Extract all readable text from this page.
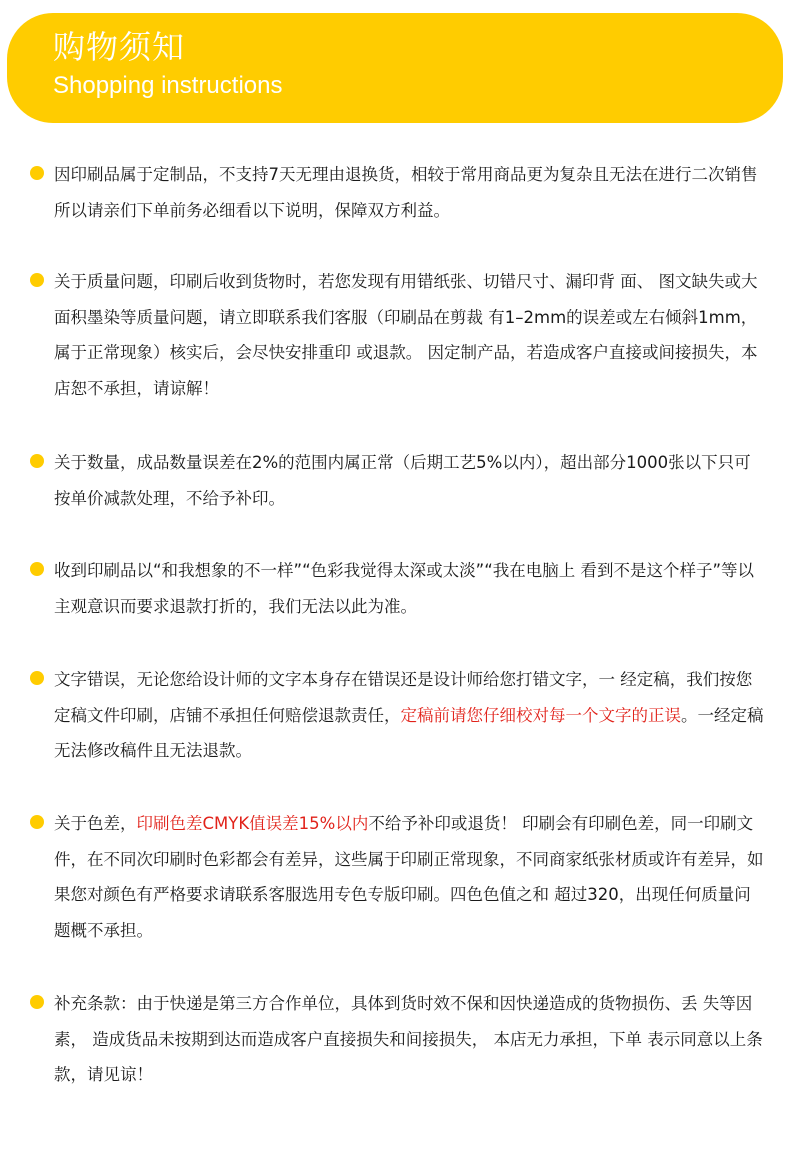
购物须知
Shopping instructions

因印刷品属于定制品，不支持7天无理由退换货，相较于常用商品更为复杂且无法在进行二次销售所以请亲们下单前务必细看以下说明，保障双方利益。

关于质量问题，印刷后收到货物时，若您发现有用错纸张、切错尺寸、漏印背 面、 图文缺失或大面积墨染等质量问题，请立即联系我们客服（印刷品在剪裁 有1–2mm的误差或左右倾斜1mm，属于正常现象）核实后，会尽快安排重印 或退款。 因定制产品，若造成客户直接或间接损失，本店恕不承担，请谅解！

关于数量，成品数量误差在2%的范围内属正常（后期工艺5%以内），超出部分1000张以下只可按单价减款处理，不给予补印。

收到印刷品以“和我想象的不一样”“色彩我觉得太深或太淡”“我在电脑上 看到不是这个样子”等以主观意识而要求退款打折的，我们无法以此为准。

文字错误，无论您给设计师的文字本身存在错误还是设计师给您打错文字，一 经定稿，我们按您定稿文件印刷，店铺不承担任何赔偿退款责任，定稿前请您仔细校对每一个文字的正误。一经定稿无法修改稿件且无法退款。

关于色差，印刷色差CMYK值误差15%以内不给予补印或退货！ 印刷会有印刷色差，同一印刷文件，在不同次印刷时色彩都会有差异，这些属于印刷正常现象，不同商家纸张材质或许有差异，如果您对颜色有严格要求请联系客服选用专色专版印刷。四色色值之和 超过320，出现任何质量问题概不承担。

补充条款：由于快递是第三方合作单位，具体到货时效不保和因快递造成的货物损伤、丢 失等因素， 造成货品未按期到达而造成客户直接损失和间接损失， 本店无力承担，下单 表示同意以上条款，请见谅！
